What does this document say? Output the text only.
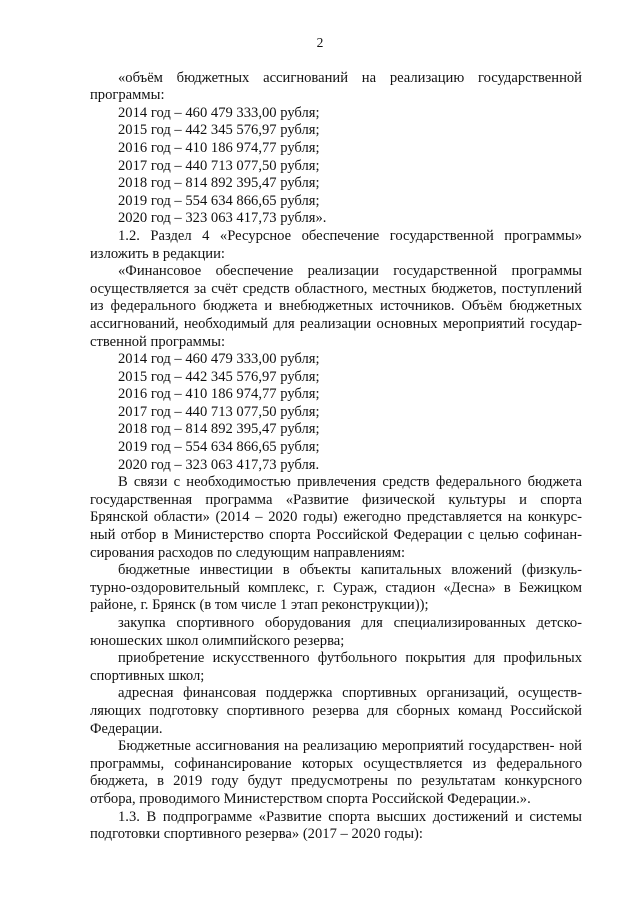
2

«объём бюджетных ассигнований на реализацию государственной программы:

2014 год – 460 479 333,00 рубля;

2015 год – 442 345 576,97 рубля;

2016 год – 410 186 974,77 рубля;

2017 год – 440 713 077,50 рубля;

2018 год – 814 892 395,47 рубля;

2019 год – 554 634 866,65 рубля;

2020 год – 323 063 417,73 рубля».

1.2. Раздел 4 «Ресурсное обеспечение государственной программы» изложить в редакции:

«Финансовое обеспечение реализации государственной программы осуществляется за счёт средств областного, местных бюджетов, поступлений из федерального бюджета и внебюджетных источников. Объём бюджетных ассигнований, необходимый для реализации основных мероприятий государ- ственной программы:

2014 год – 460 479 333,00 рубля;

2015 год – 442 345 576,97 рубля;

2016 год – 410 186 974,77 рубля;

2017 год – 440 713 077,50 рубля;

2018 год – 814 892 395,47 рубля;

2019 год – 554 634 866,65 рубля;

2020 год – 323 063 417,73 рубля.

В связи с необходимостью привлечения средств федерального бюджета государственная программа «Развитие физической культуры и спорта Брянской области» (2014 – 2020 годы) ежегодно представляется на конкурс- ный отбор в Министерство спорта Российской Федерации с целью софинан- сирования расходов по следующим направлениям:

бюджетные инвестиции в объекты капитальных вложений (физкуль- турно-оздоровительный комплекс, г. Сураж, стадион «Десна» в Бежицком районе, г. Брянск (в том числе 1 этап реконструкции));

закупка спортивного оборудования для специализированных детско- юношеских школ олимпийского резерва;

приобретение искусственного футбольного покрытия для профильных спортивных школ;

адресная финансовая поддержка спортивных организаций, осуществ- ляющих подготовку спортивного резерва для сборных команд Российской Федерации.

Бюджетные ассигнования на реализацию мероприятий государствен- ной программы, софинансирование которых осуществляется из федерального бюджета, в 2019 году будут предусмотрены по результатам конкурсного отбора, проводимого Министерством спорта Российской Федерации.».

1.3. В подпрограмме «Развитие спорта высших достижений и системы подготовки спортивного резерва» (2017 – 2020 годы):
